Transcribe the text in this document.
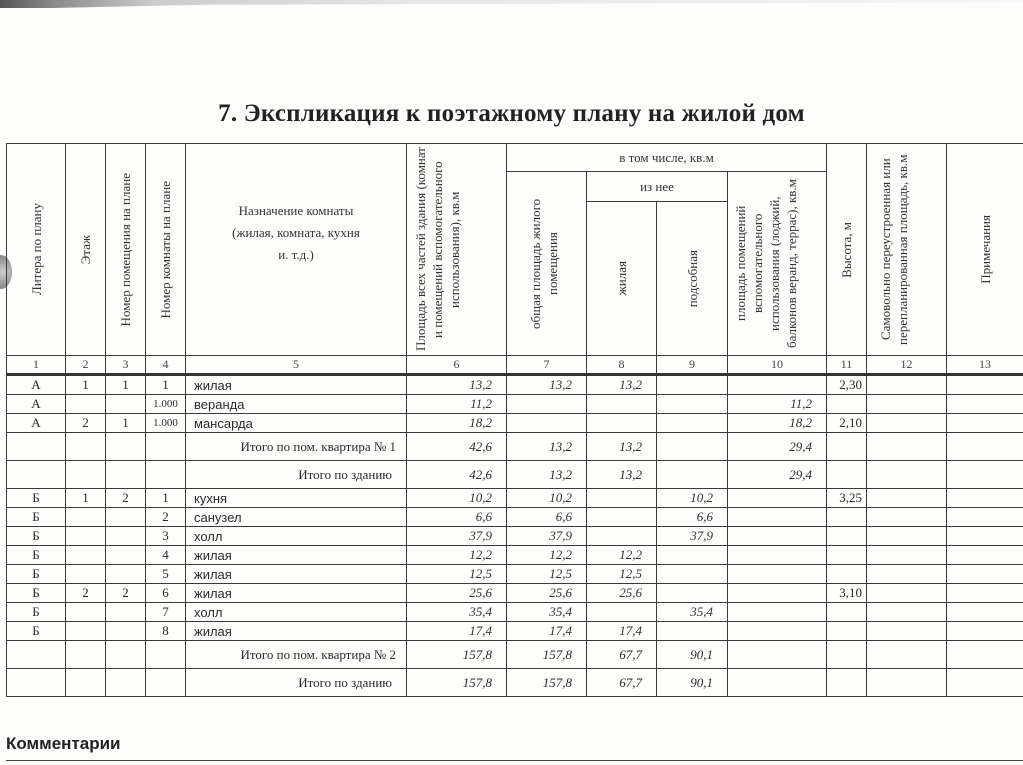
7. Экспликация к поэтажному плану на жилой дом
Литера по плану	Этаж	Номер помещения на плане	Номер комнаты на плане	Назначение комнаты (жилая, комната, кухня и. т.д.)	Площадь всех частей здания (комнат и помещений вспомогательного использования), кв.м	в том числе, кв.м				Высота, м	Самовольно переустроенная или перепланированная площадь, кв.м	Примечания

						общая площадь жилого помещения	из нее		площадь помещений вспомогательного использования (лоджий, балконов веранд, террас), кв.м			

							жилая	подсобная				

1	2	3	4	5	6	7	8	9	10	11	12	13
А	1	1	1	жилая	13,2	13,2	13,2			2,30		
А			1.000	веранда	11,2				11,2			
А	2	1	1.000	мансарда	18,2				18,2	2,10		
				Итого по пом. квартира № 1	42,6	13,2	13,2		29,4			
				Итого по зданию	42,6	13,2	13,2		29,4			
Б	1	2	1	кухня	10,2	10,2		10,2		3,25		
Б			2	санузел	6,6	6,6		6,6				
Б			3	холл	37,9	37,9		37,9				
Б			4	жилая	12,2	12,2	12,2					
Б			5	жилая	12,5	12,5	12,5					
Б	2	2	6	жилая	25,6	25,6	25,6			3,10		
Б			7	холл	35,4	35,4		35,4				
Б			8	жилая	17,4	17,4	17,4					
				Итого по пом. квартира № 2	157,8	157,8	67,7	90,1				
				Итого по зданию	157,8	157,8	67,7	90,1				
Комментарии
